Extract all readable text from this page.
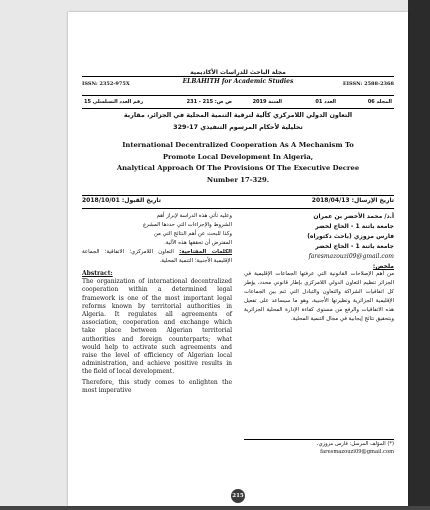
مجلة الباحث للدراسات الأكاديمية
ELBAHITH for Academic Studies
ISSN: 2352-975X	EISSN: 2588-2368
المجلد 06
العدد 01
السنة 2019
ص ص: 215 - 231
رقم العدد التسلسلي 15
التعاون الدولي اللامركزي كآلية لترقية التنمية المحلية في الجزائر، مقاربة
تحليلية لأحكام المرسوم التنفيذي 17-329
International Decentralized Cooperation As A Mechanism To
Promote Local Development In Algeria,
Analytical Approach Of The Provisions Of The Executive Decree
Number 17-329.
تاريخ الإرسال: 2018/04/13
تاريخ القبول: 2018/10/01
وعليه تأتي هذه الدراسة لإبراز أهم
الشروط والإجراءات التي حددها المشرع
وكذا للبحث عن أهم النتائج التي من
المفترض أن تحققها هذه الآلية.
الكلمات المفتاحية: التعاون اللامركزي؛ الاتفاقية؛ الجماعة الإقليمية الأجنبية؛ التنمية المحلية.
Abstract:
The organization of international decentralized cooperation within a determined legal framework is one of the most important legal reforms known by territorial authorities in Algeria. It regulates all agreements of association, cooperation and exchange which take place between Algerian territorial authorities and foreign counterparts; what would help to activate such agreements and raise the level of efficiency of Algerian local administration, and achieve positive results in the field of local development.
Therefore, this study comes to enlighten the most imperative
أ.د/ محمد الأخضر بن عمران
جامعة باتنة 1 - الحاج لخضر
فارس مزوزي (باحث دكتوراه)
جامعة باتنة 1 - الحاج لخضر
faresmazouzi09@gmail.com
ملخص:
من أهم الإصلاحات القانونية التي عرفتها الجماعات الإقليمية في الجزائر تنظيم التعاون الدولي اللامركزي بإطار قانوني محدد، يؤطر كل اتفاقيات الشراكة والتعاون والتبادل التي تتم بين الجماعات الإقليمية الجزائرية ونظيرتها الأجنبية، وهو ما سيساعد على تفعيل هذه الاتفاقيات والرفع من مستوى كفاءة الإدارة المحلية الجزائرية وبتحقيق نتائج إيجابية في مجال التنمية المحلية.
(*) المؤلف المرسل: فارس مزوزي،
faresmazouzi09@gmail.com
215
